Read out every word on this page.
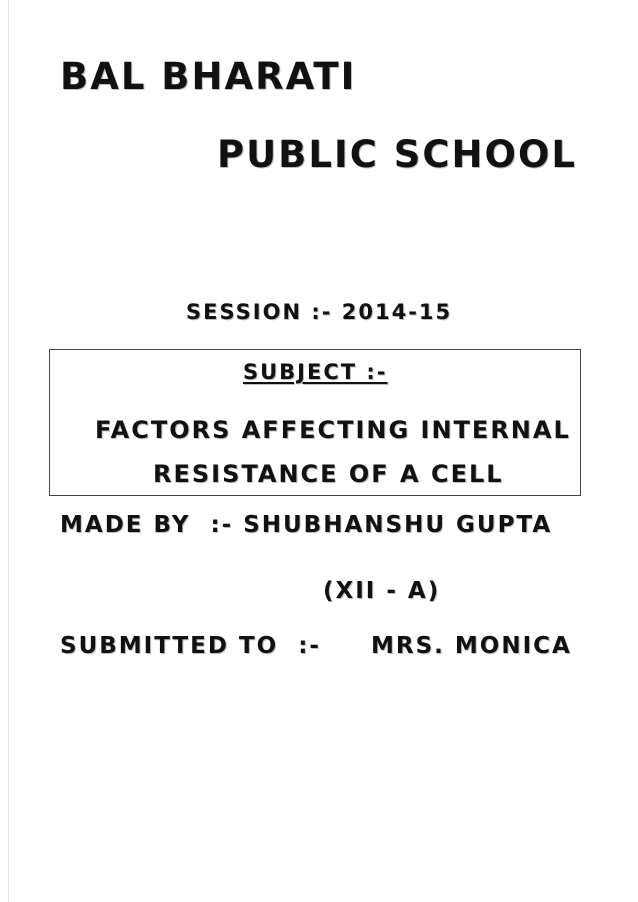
BAL BHARATI
PUBLIC SCHOOL
SESSION :- 2014-15
SUBJECT :-
FACTORS AFFECTING INTERNAL
RESISTANCE OF A CELL
MADE BY  :- SHUBHANSHU GUPTA
(XII - A)
SUBMITTED TO  :-     MRS. MONICA
